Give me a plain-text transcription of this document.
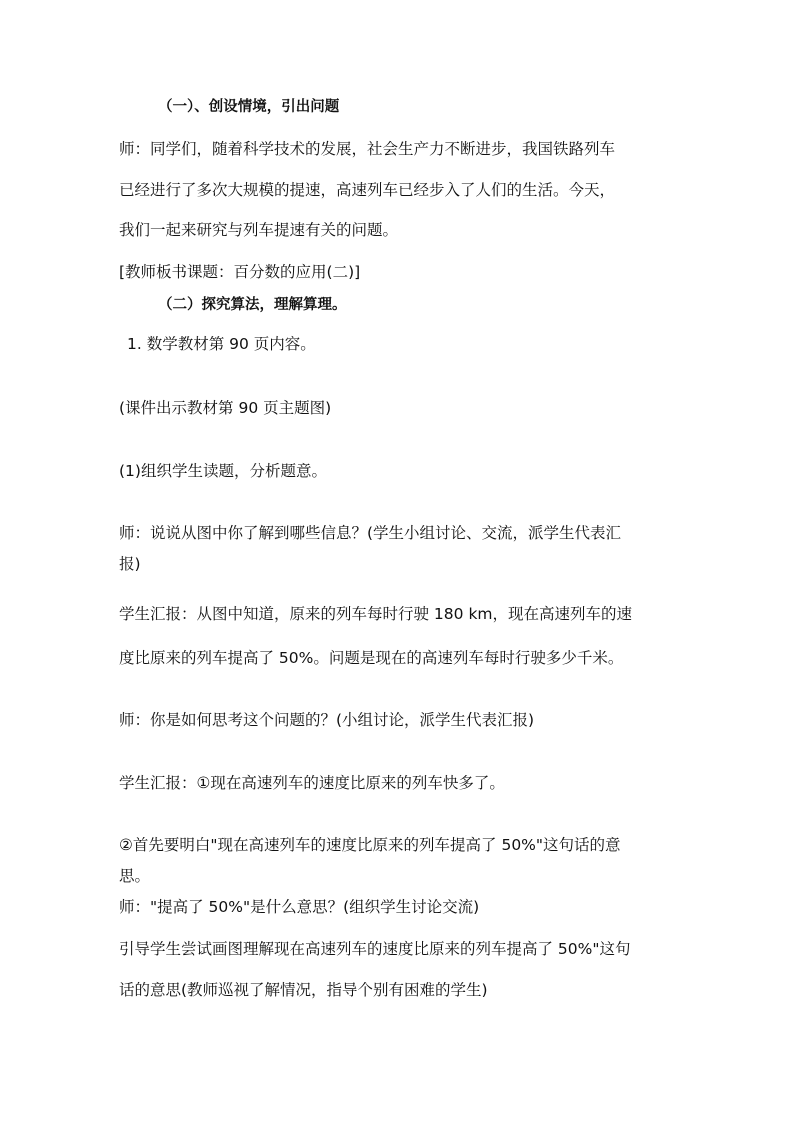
（一）、创设情境，引出问题
师：同学们，随着科学技术的发展，社会生产力不断进步，我国铁路列车
已经进行了多次大规模的提速，高速列车已经步入了人们的生活。今天，
我们一起来研究与列车提速有关的问题。
[教师板书课题：百分数的应用(二)]
（二）探究算法，理解算理。
1. 数学教材第 90 页内容。
(课件出示教材第 90 页主题图)
(1)组织学生读题，分析题意。
师：说说从图中你了解到哪些信息？(学生小组讨论、交流，派学生代表汇
报)
学生汇报：从图中知道，原来的列车每时行驶 180 km，现在高速列车的速
度比原来的列车提高了 50%。问题是现在的高速列车每时行驶多少千米。
师：你是如何思考这个问题的？(小组讨论，派学生代表汇报)
学生汇报：①现在高速列车的速度比原来的列车快多了。
②首先要明白"现在高速列车的速度比原来的列车提高了 50%"这句话的意
思。
师："提高了 50%"是什么意思？(组织学生讨论交流)
引导学生尝试画图理解现在高速列车的速度比原来的列车提高了 50%"这句
话的意思(教师巡视了解情况，指导个别有困难的学生)
